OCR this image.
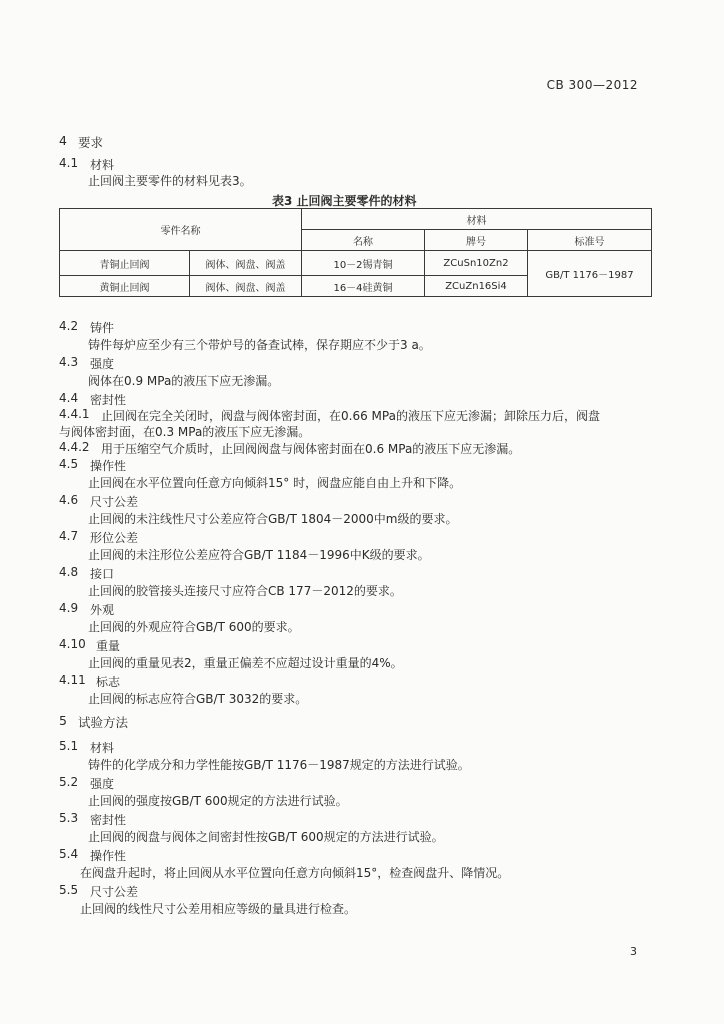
CB 300—2012
4 要求
4.1 材料
止回阀主要零件的材料见表3。
表3 止回阀主要零件的材料
零件名称		材料		
		名称	牌号	标准号
青铜止回阀	阀体、阀盘、阀盖	10－2锡青铜	ZCuSn10Zn2	GB/T 1176－1987
黄铜止回阀	阀体、阀盘、阀盖	16－4硅黄铜	ZCuZn16Si4	
4.2 铸件
铸件每炉应至少有三个带炉号的备查试棒，保存期应不少于3 a。
4.3 强度
阀体在0.9 MPa的液压下应无渗漏。
4.4 密封性
4.4.1 止回阀在完全关闭时，阀盘与阀体密封面，在0.66 MPa的液压下应无渗漏；卸除压力后，阀盘
与阀体密封面，在0.3 MPa的液压下应无渗漏。
4.4.2 用于压缩空气介质时，止回阀阀盘与阀体密封面在0.6 MPa的液压下应无渗漏。
4.5 操作性
止回阀在水平位置向任意方向倾斜15° 时，阀盘应能自由上升和下降。
4.6 尺寸公差
止回阀的未注线性尺寸公差应符合GB/T 1804－2000中m级的要求。
4.7 形位公差
止回阀的未注形位公差应符合GB/T 1184－1996中K级的要求。
4.8 接口
止回阀的胶管接头连接尺寸应符合CB 177－2012的要求。
4.9 外观
止回阀的外观应符合GB/T 600的要求。
4.10 重量
止回阀的重量见表2，重量正偏差不应超过设计重量的4%。
4.11 标志
止回阀的标志应符合GB/T 3032的要求。
5 试验方法
5.1 材料
铸件的化学成分和力学性能按GB/T 1176－1987规定的方法进行试验。
5.2 强度
止回阀的强度按GB/T 600规定的方法进行试验。
5.3 密封性
止回阀的阀盘与阀体之间密封性按GB/T 600规定的方法进行试验。
5.4 操作性
在阀盘升起时，将止回阀从水平位置向任意方向倾斜15°，检查阀盘升、降情况。
5.5 尺寸公差
止回阀的线性尺寸公差用相应等级的量具进行检查。
3
